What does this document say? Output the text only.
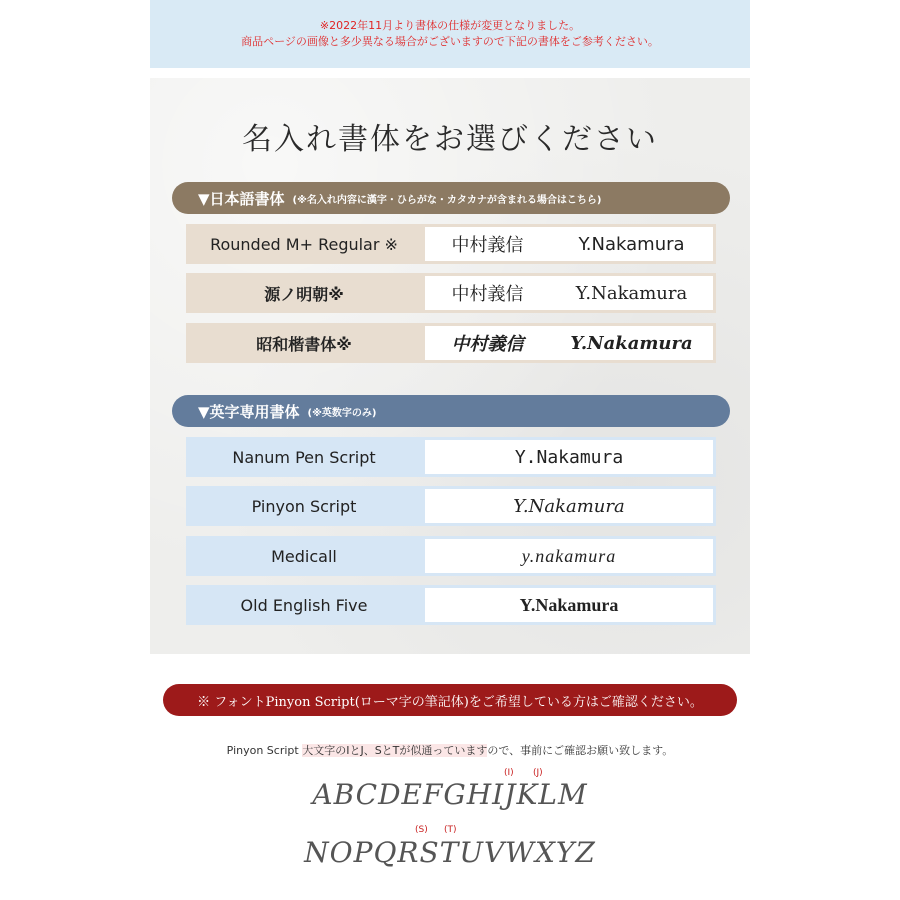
※2022年11月より書体の仕様が変更となりました。
商品ページの画像と多少異なる場合がございますので下記の書体をご参考ください。
名入れ書体をお選びください
▼日本語書体 (※名入れ内容に漢字・ひらがな・カタカナが含まれる場合はこちら)
Rounded M+ Regular ※	中村義信	Y.Nakamura
源ノ明朝※	中村義信	Y.Nakamura
昭和楷書体※	中村義信	Y.Nakamura
▼英字専用書体 (※英数字のみ)
Nanum Pen Script	Y.Nakamura
Pinyon Script	Y.Nakamura
Medicall	y.nakamura
Old English Five	Y.Nakamura
※ フォントPinyon Script(ローマ字の筆記体)をご希望している方はご確認ください。
Pinyon Script 大文字のIとJ、SとTが似通っていますので、事前にご確認お願い致します。
(I) (J)
ABCDEFGHIJKLM
(S) (T)
NOPQRSTUVWXYZ
